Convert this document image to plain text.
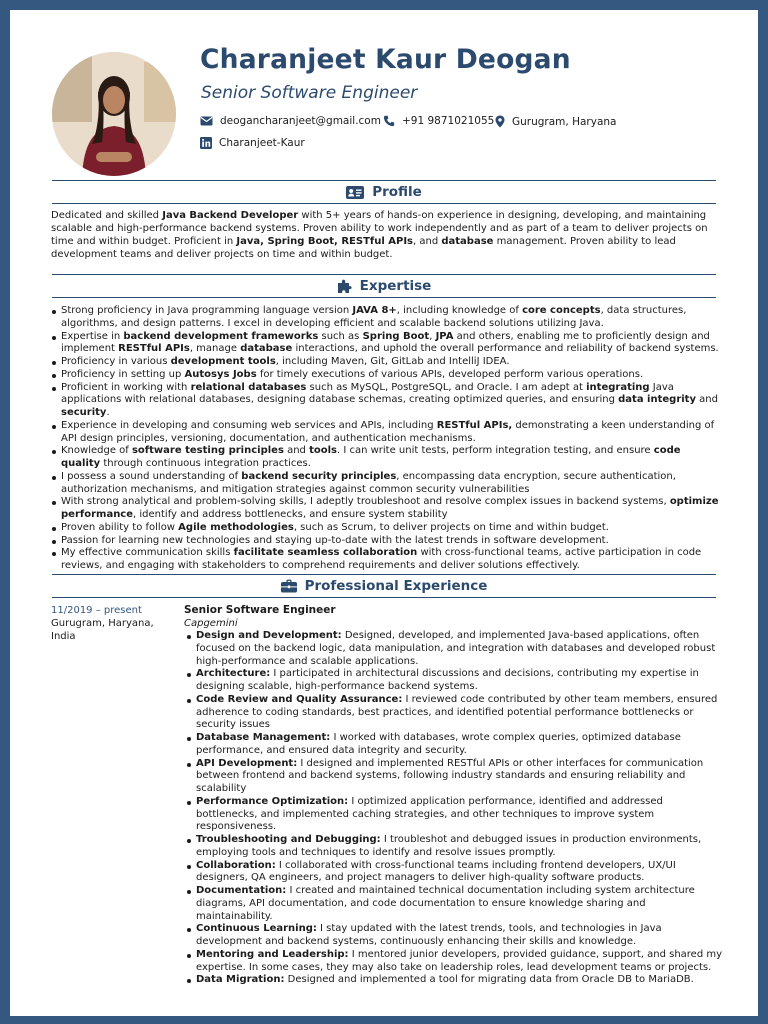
Charanjeet Kaur Deogan
Senior Software Engineer
deogancharanjeet@gmail.com +91 9871021055 Gurugram, Haryana
Charanjeet-Kaur
Profile

Dedicated and skilled Java Backend Developer with 5+ years of hands-on experience in designing, developing, and maintaining scalable and high-performance backend systems. Proven ability to work independently and as part of a team to deliver projects on time and within budget. Proficient in Java, Spring Boot, RESTful APIs, and database management. Proven ability to lead development teams and deliver projects on time and within budget.

Expertise
Strong proficiency in Java programming language version JAVA 8+, including knowledge of core concepts, data structures, algorithms, and design patterns. I excel in developing efficient and scalable backend solutions utilizing Java.
Expertise in backend development frameworks such as Spring Boot, JPA and others, enabling me to proficiently design and implement RESTful APIs, manage database interactions, and uphold the overall performance and reliability of backend systems.
Proficiency in various development tools, including Maven, Git, GitLab and IntelliJ IDEA.
Proficiency in setting up Autosys Jobs for timely executions of various APIs, developed perform various operations.
Proficient in working with relational databases such as MySQL, PostgreSQL, and Oracle. I am adept at integrating Java applications with relational databases, designing database schemas, creating optimized queries, and ensuring data integrity and security.
Experience in developing and consuming web services and APIs, including RESTful APIs, demonstrating a keen understanding of API design principles, versioning, documentation, and authentication mechanisms.
Knowledge of software testing principles and tools. I can write unit tests, perform integration testing, and ensure code quality through continuous integration practices.
I possess a sound understanding of backend security principles, encompassing data encryption, secure authentication, authorization mechanisms, and mitigation strategies against common security vulnerabilities
With strong analytical and problem-solving skills, I adeptly troubleshoot and resolve complex issues in backend systems, optimize performance, identify and address bottlenecks, and ensure system stability
Proven ability to follow Agile methodologies, such as Scrum, to deliver projects on time and within budget.
Passion for learning new technologies and staying up-to-date with the latest trends in software development.
My effective communication skills facilitate seamless collaboration with cross-functional teams, active participation in code reviews, and engaging with stakeholders to comprehend requirements and deliver solutions effectively.
Professional Experience
11/2019 – present
Gurugram, Haryana, India
Senior Software Engineer
Capgemini
Design and Development: Designed, developed, and implemented Java-based applications, often focused on the backend logic, data manipulation, and integration with databases and developed robust high-performance and scalable applications.
Architecture: I participated in architectural discussions and decisions, contributing my expertise in designing scalable, high-performance backend systems.
Code Review and Quality Assurance: I reviewed code contributed by other team members, ensured adherence to coding standards, best practices, and identified potential performance bottlenecks or security issues
Database Management: I worked with databases, wrote complex queries, optimized database performance, and ensured data integrity and security.
API Development: I designed and implemented RESTful APIs or other interfaces for communication between frontend and backend systems, following industry standards and ensuring reliability and scalability
Performance Optimization: I optimized application performance, identified and addressed bottlenecks, and implemented caching strategies, and other techniques to improve system responsiveness.
Troubleshooting and Debugging: I troubleshot and debugged issues in production environments, employing tools and techniques to identify and resolve issues promptly.
Collaboration: I collaborated with cross-functional teams including frontend developers, UX/UI designers, QA engineers, and project managers to deliver high-quality software products.
Documentation: I created and maintained technical documentation including system architecture diagrams, API documentation, and code documentation to ensure knowledge sharing and maintainability.
Continuous Learning: I stay updated with the latest trends, tools, and technologies in Java development and backend systems, continuously enhancing their skills and knowledge.
Mentoring and Leadership: I mentored junior developers, provided guidance, support, and shared my expertise. In some cases, they may also take on leadership roles, lead development teams or projects.
Data Migration: Designed and implemented a tool for migrating data from Oracle DB to MariaDB.
